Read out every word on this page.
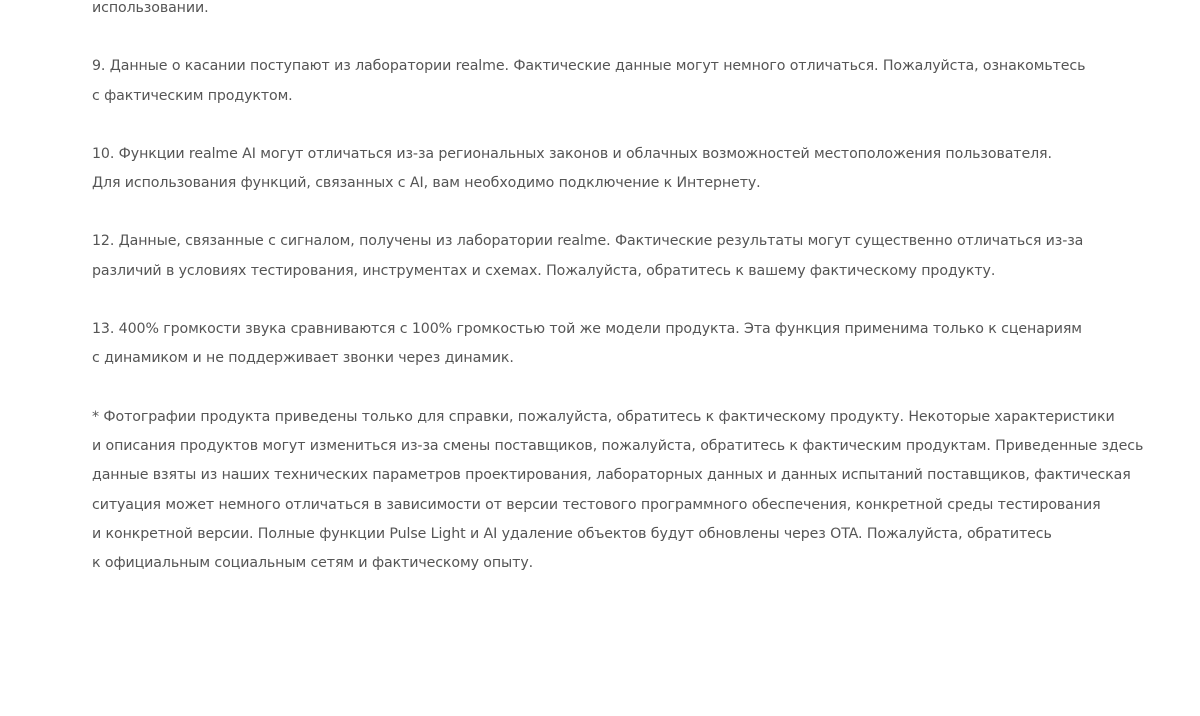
использовании.

9. Данные о касании поступают из лаборатории realme. Фактические данные могут немного отличаться. Пожалуйста, ознакомьтесь
с фактическим продуктом.

10. Функции realme AI могут отличаться из-за региональных законов и облачных возможностей местоположения пользователя.
Для использования функций, связанных с AI, вам необходимо подключение к Интернету.

12. Данные, связанные с сигналом, получены из лаборатории realme. Фактические результаты могут существенно отличаться из-за
различий в условиях тестирования, инструментах и схемах. Пожалуйста, обратитесь к вашему фактическому продукту.

13. 400% громкости звука сравниваются с 100% громкостью той же модели продукта. Эта функция применима только к сценариям
с динамиком и не поддерживает звонки через динамик.

* Фотографии продукта приведены только для справки, пожалуйста, обратитесь к фактическому продукту. Некоторые характеристики
и описания продуктов могут измениться из-за смены поставщиков, пожалуйста, обратитесь к фактическим продуктам. Приведенные здесь
данные взяты из наших технических параметров проектирования, лабораторных данных и данных испытаний поставщиков, фактическая
ситуация может немного отличаться в зависимости от версии тестового программного обеспечения, конкретной среды тестирования
и конкретной версии. Полные функции Pulse Light и AI удаление объектов будут обновлены через OTA. Пожалуйста, обратитесь
к официальным социальным сетям и фактическому опыту.
